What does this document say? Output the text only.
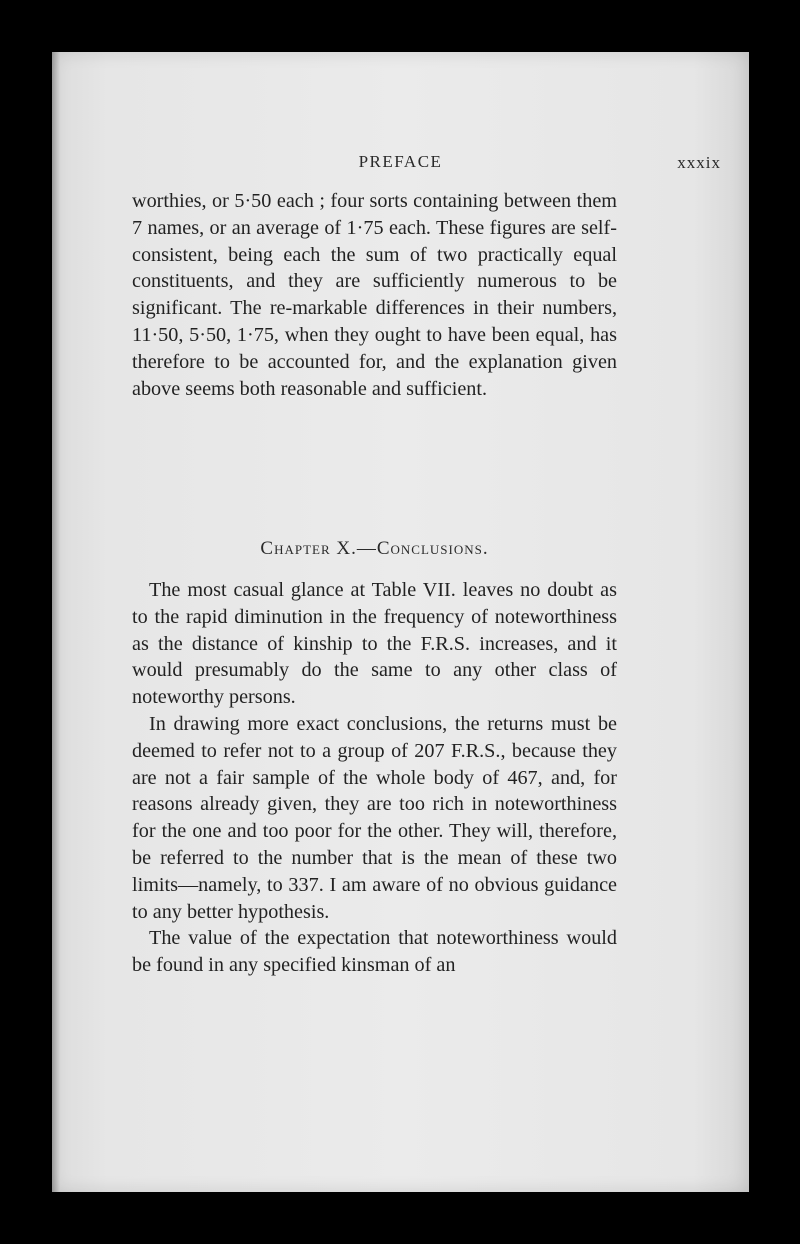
PREFACE	xxxix

worthies, or 5·50 each ; four sorts containing between them 7 names, or an average of 1·75 each. These figures are self-consistent, being each the sum of two practically equal constituents, and they are sufficiently numerous to be significant. The re-markable differences in their numbers, 11·50, 5·50, 1·75, when they ought to have been equal, has therefore to be accounted for, and the explanation given above seems both reasonable and sufficient.

Chapter X.—Conclusions.

The most casual glance at Table VII. leaves no doubt as to the rapid diminution in the frequency of noteworthiness as the distance of kinship to the F.R.S. increases, and it would presumably do the same to any other class of noteworthy persons.

In drawing more exact conclusions, the returns must be deemed to refer not to a group of 207 F.R.S., because they are not a fair sample of the whole body of 467, and, for reasons already given, they are too rich in noteworthiness for the one and too poor for the other. They will, therefore, be referred to the number that is the mean of these two limits—namely, to 337. I am aware of no obvious guidance to any better hypothesis.

The value of the expectation that noteworthiness would be found in any specified kinsman of an
